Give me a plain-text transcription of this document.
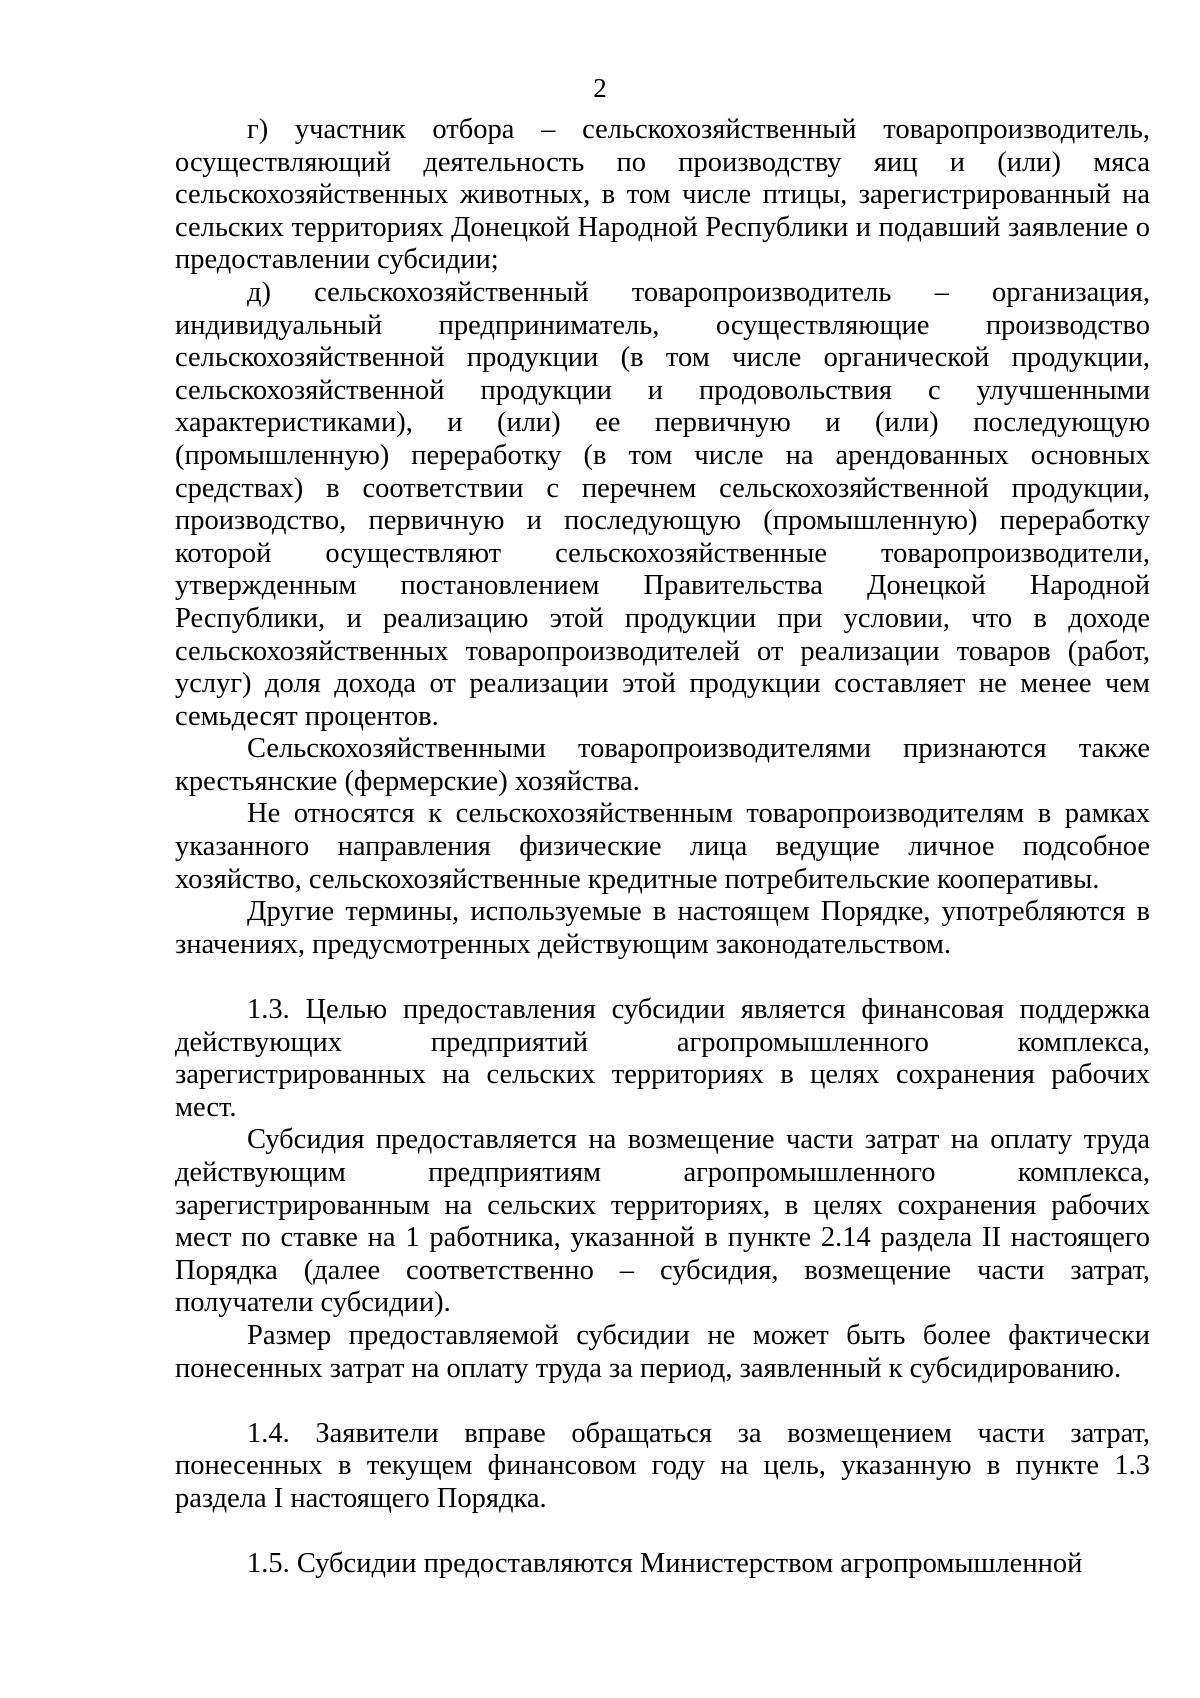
2

г) участник отбора – сельскохозяйственный товаропроизводитель, осуществляющий деятельность по производству яиц и (или) мяса сельскохозяйственных животных, в том числе птицы, зарегистрированный на сельских территориях Донецкой Народной Республики и подавший заявление о предоставлении субсидии;

д) сельскохозяйственный товаропроизводитель – организация, индивидуальный предприниматель, осуществляющие производство сельскохозяйственной продукции (в том числе органической продукции, сельскохозяйственной продукции и продовольствия с улучшенными характеристиками), и (или) ее первичную и (или) последующую (промышленную) переработку (в том числе на арендованных основных средствах) в соответствии с перечнем сельскохозяйственной продукции, производство, первичную и последующую (промышленную) переработку которой осуществляют сельскохозяйственные товаропроизводители, утвержденным постановлением Правительства Донецкой Народной Республики, и реализацию этой продукции при условии, что в доходе сельскохозяйственных товаропроизводителей от реализации товаров (работ, услуг) доля дохода от реализации этой продукции составляет не менее чем семьдесят процентов.

Сельскохозяйственными товаропроизводителями признаются также крестьянские (фермерские) хозяйства.

Не относятся к сельскохозяйственным товаропроизводителям в рамках указанного направления физические лица ведущие личное подсобное хозяйство, сельскохозяйственные кредитные потребительские кооперативы.

Другие термины, используемые в настоящем Порядке, употребляются в значениях, предусмотренных действующим законодательством.

1.3. Целью предоставления субсидии является финансовая поддержка действующих предприятий агропромышленного комплекса, зарегистрированных на сельских территориях в целях сохранения рабочих мест.

Субсидия предоставляется на возмещение части затрат на оплату труда действующим предприятиям агропромышленного комплекса, зарегистрированным на сельских территориях, в целях сохранения рабочих мест по ставке на 1 работника, указанной в пункте 2.14 раздела II настоящего Порядка (далее соответственно – субсидия, возмещение части затрат, получатели субсидии).

Размер предоставляемой субсидии не может быть более фактически понесенных затрат на оплату труда за период, заявленный к субсидированию.

1.4. Заявители вправе обращаться за возмещением части затрат, понесенных в текущем финансовом году на цель, указанную в пункте 1.3 раздела I настоящего Порядка.

1.5. Субсидии предоставляются Министерством агропромышленной
